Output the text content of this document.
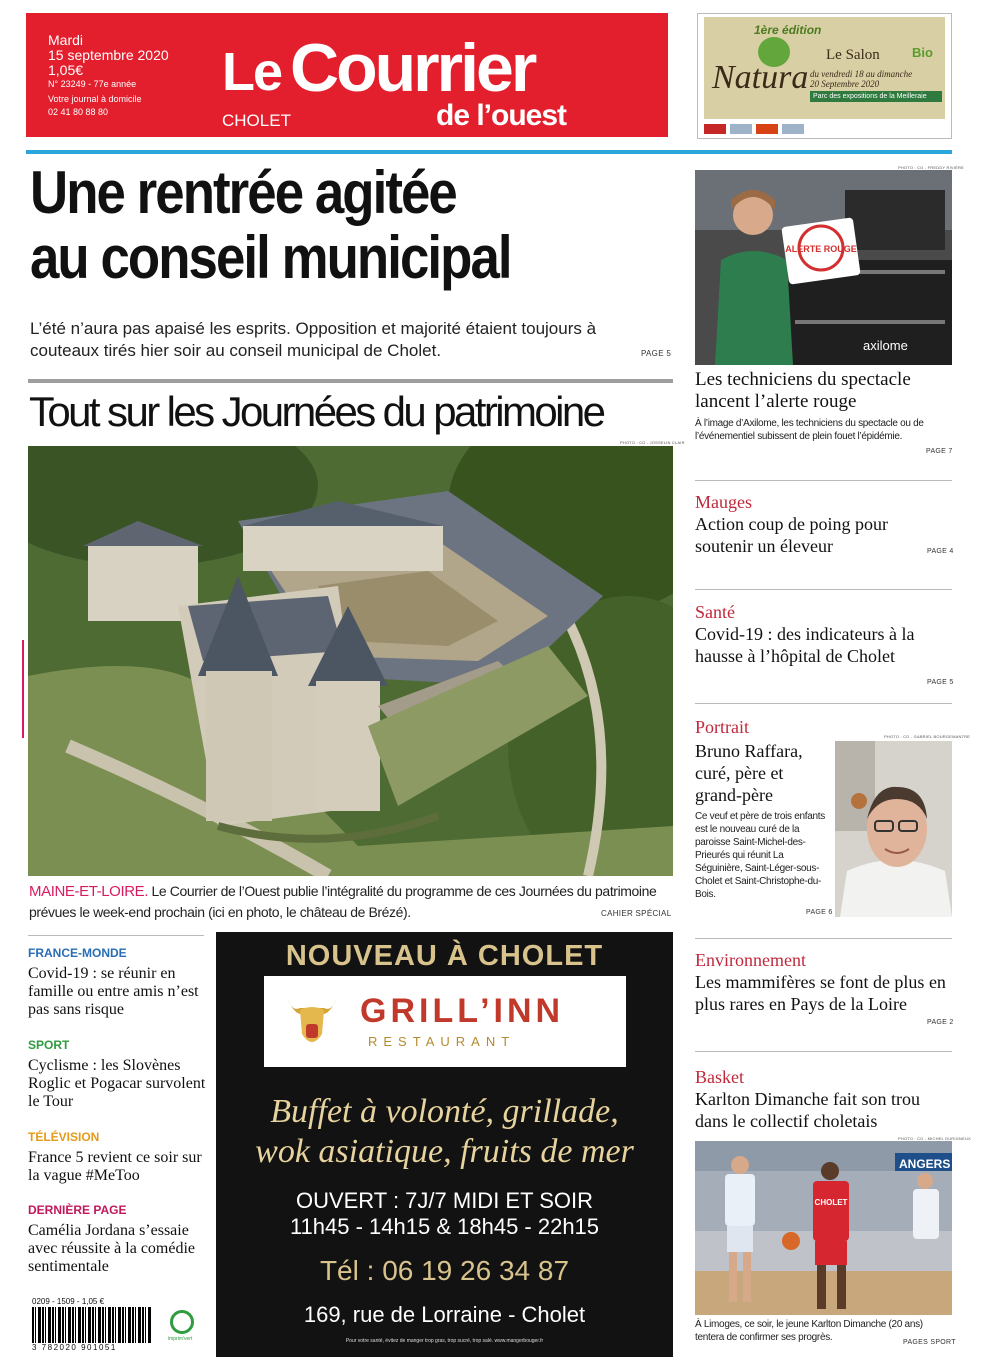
Mardi
15 septembre 2020
1,05€
N° 23249 - 77e année
Votre journal à domicile
02 41 80 88 80
Le Courrier
de l’ouest
CHOLET
1ère édition
Natura
Le Salon Bio
du vendredi 18 au dimanche 20 Septembre 2020
Parc des expositions de la Meilleraie
Une rentrée agitée
au conseil municipal
L’été n’aura pas apaisé les esprits. Opposition et majorité étaient toujours à couteaux tirés hier soir au conseil municipal de Cholet.	PAGE 5
Tout sur les Journées du patrimoine
PHOTO : CO - JOSSELIN CLAIR
MAINE-ET-LOIRE. Le Courrier de l’Ouest publie l’intégralité du programme de ces Journées du patrimoine prévues le week-end prochain (ici en photo, le château de Brézé).	CAHIER SPÉCIAL
FRANCE-MONDE
Covid-19 : se réunir en famille ou entre amis n’est pas sans risque
SPORT
Cyclisme : les Slovènes Roglic et Pogacar survolent le Tour
TÉLÉVISION
France 5 revient ce soir sur la vague #MeToo
DERNIÈRE PAGE
Camélia Jordana s’essaie avec réussite à la comédie sentimentale
NOUVEAU À CHOLET
GRILL’INN
RESTAURANT
Buffet à volonté, grillade,
wok asiatique, fruits de mer
OUVERT : 7J/7 MIDI ET SOIR
11h45 - 14h15 & 18h45 - 22h15
Tél : 06 19 26 34 87
169, rue de Lorraine - Cholet
Pour votre santé, évitez de manger trop gras, trop sucré, trop salé. www.mangerbouger.fr
0209 - 1509 - 1,05 €
3 782020 901051
imprim'vert
PHOTO : CO - FREDDY RIVIÈRE
ALERTE ROUGE
axilome
Les techniciens du spectacle lancent l’alerte rouge
À l’image d’Axilome, les techniciens du spectacle ou de l’événementiel subissent de plein fouet l’épidémie.
PAGE 7
Mauges
Action coup de poing pour soutenir un éleveur	PAGE 4
Santé
Covid-19 : des indicateurs à la hausse à l’hôpital de Cholet
PAGE 5
Portrait	PHOTO : CO - GABRIEL BOURGEMANTRE
Bruno Raffara, curé, père et grand-père
Ce veuf et père de trois enfants est le nouveau curé de la paroisse Saint-Michel-des-Prieurés qui réunit La Séguinière, Saint-Léger-sous-Cholet et Saint-Christophe-du-Bois.
PAGE 6
Environnement
Les mammifères se font de plus en plus rares en Pays de la Loire
PAGE 2
Basket
Karlton Dimanche fait son trou dans le collectif choletais
PHOTO : CO - MICHEL DURIGNEUX
ANGERS
CHOLET
À Limoges, ce soir, le jeune Karlton Dimanche (20 ans) tentera de confirmer ses progrès.	PAGES SPORT
